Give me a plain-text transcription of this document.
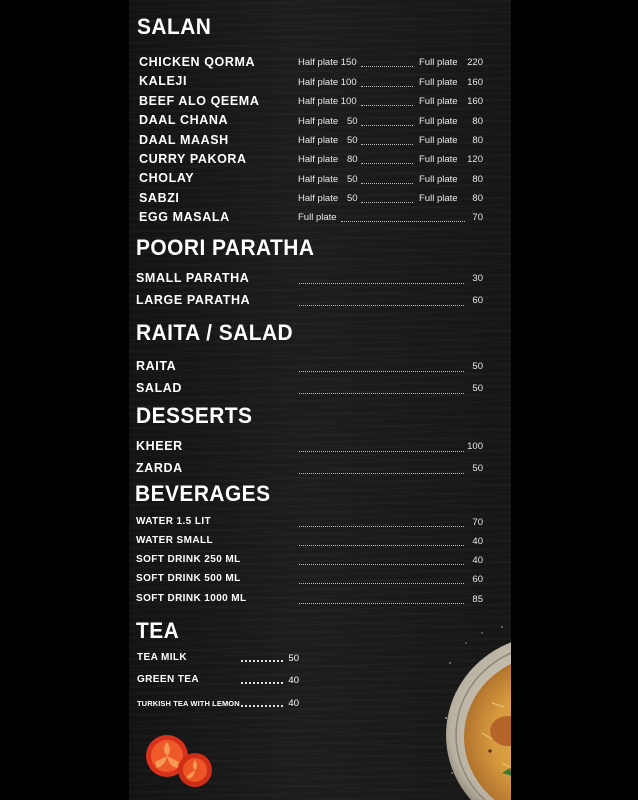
SALAN
CHICKEN QORMA	Half plate 150	Full plate	220
KALEJI	Half plate 100	Full plate	160
BEEF ALO QEEMA	Half plate 100	Full plate	160
DAAL CHANA	Half plate 50	Full plate	80
DAAL MAASH	Half plate 50	Full plate	80
CURRY PAKORA	Half plate 80	Full plate	120
CHOLAY	Half plate 50	Full plate	80
SABZI	Half plate 50	Full plate	80
EGG MASALA	Full plate	70
POORI PARATHA
SMALL PARATHA	30
LARGE PARATHA	60
RAITA / SALAD
RAITA	50
SALAD	50
DESSERTS
KHEER	100
ZARDA	50
BEVERAGES
WATER 1.5 LIT	70
WATER SMALL	40
SOFT DRINK 250 ML	40
SOFT DRINK 500 ML	60
SOFT DRINK 1000 ML	85
TEA
TEA MILK	50
GREEN TEA	40
TURKISH TEA WITH LEMON	40
